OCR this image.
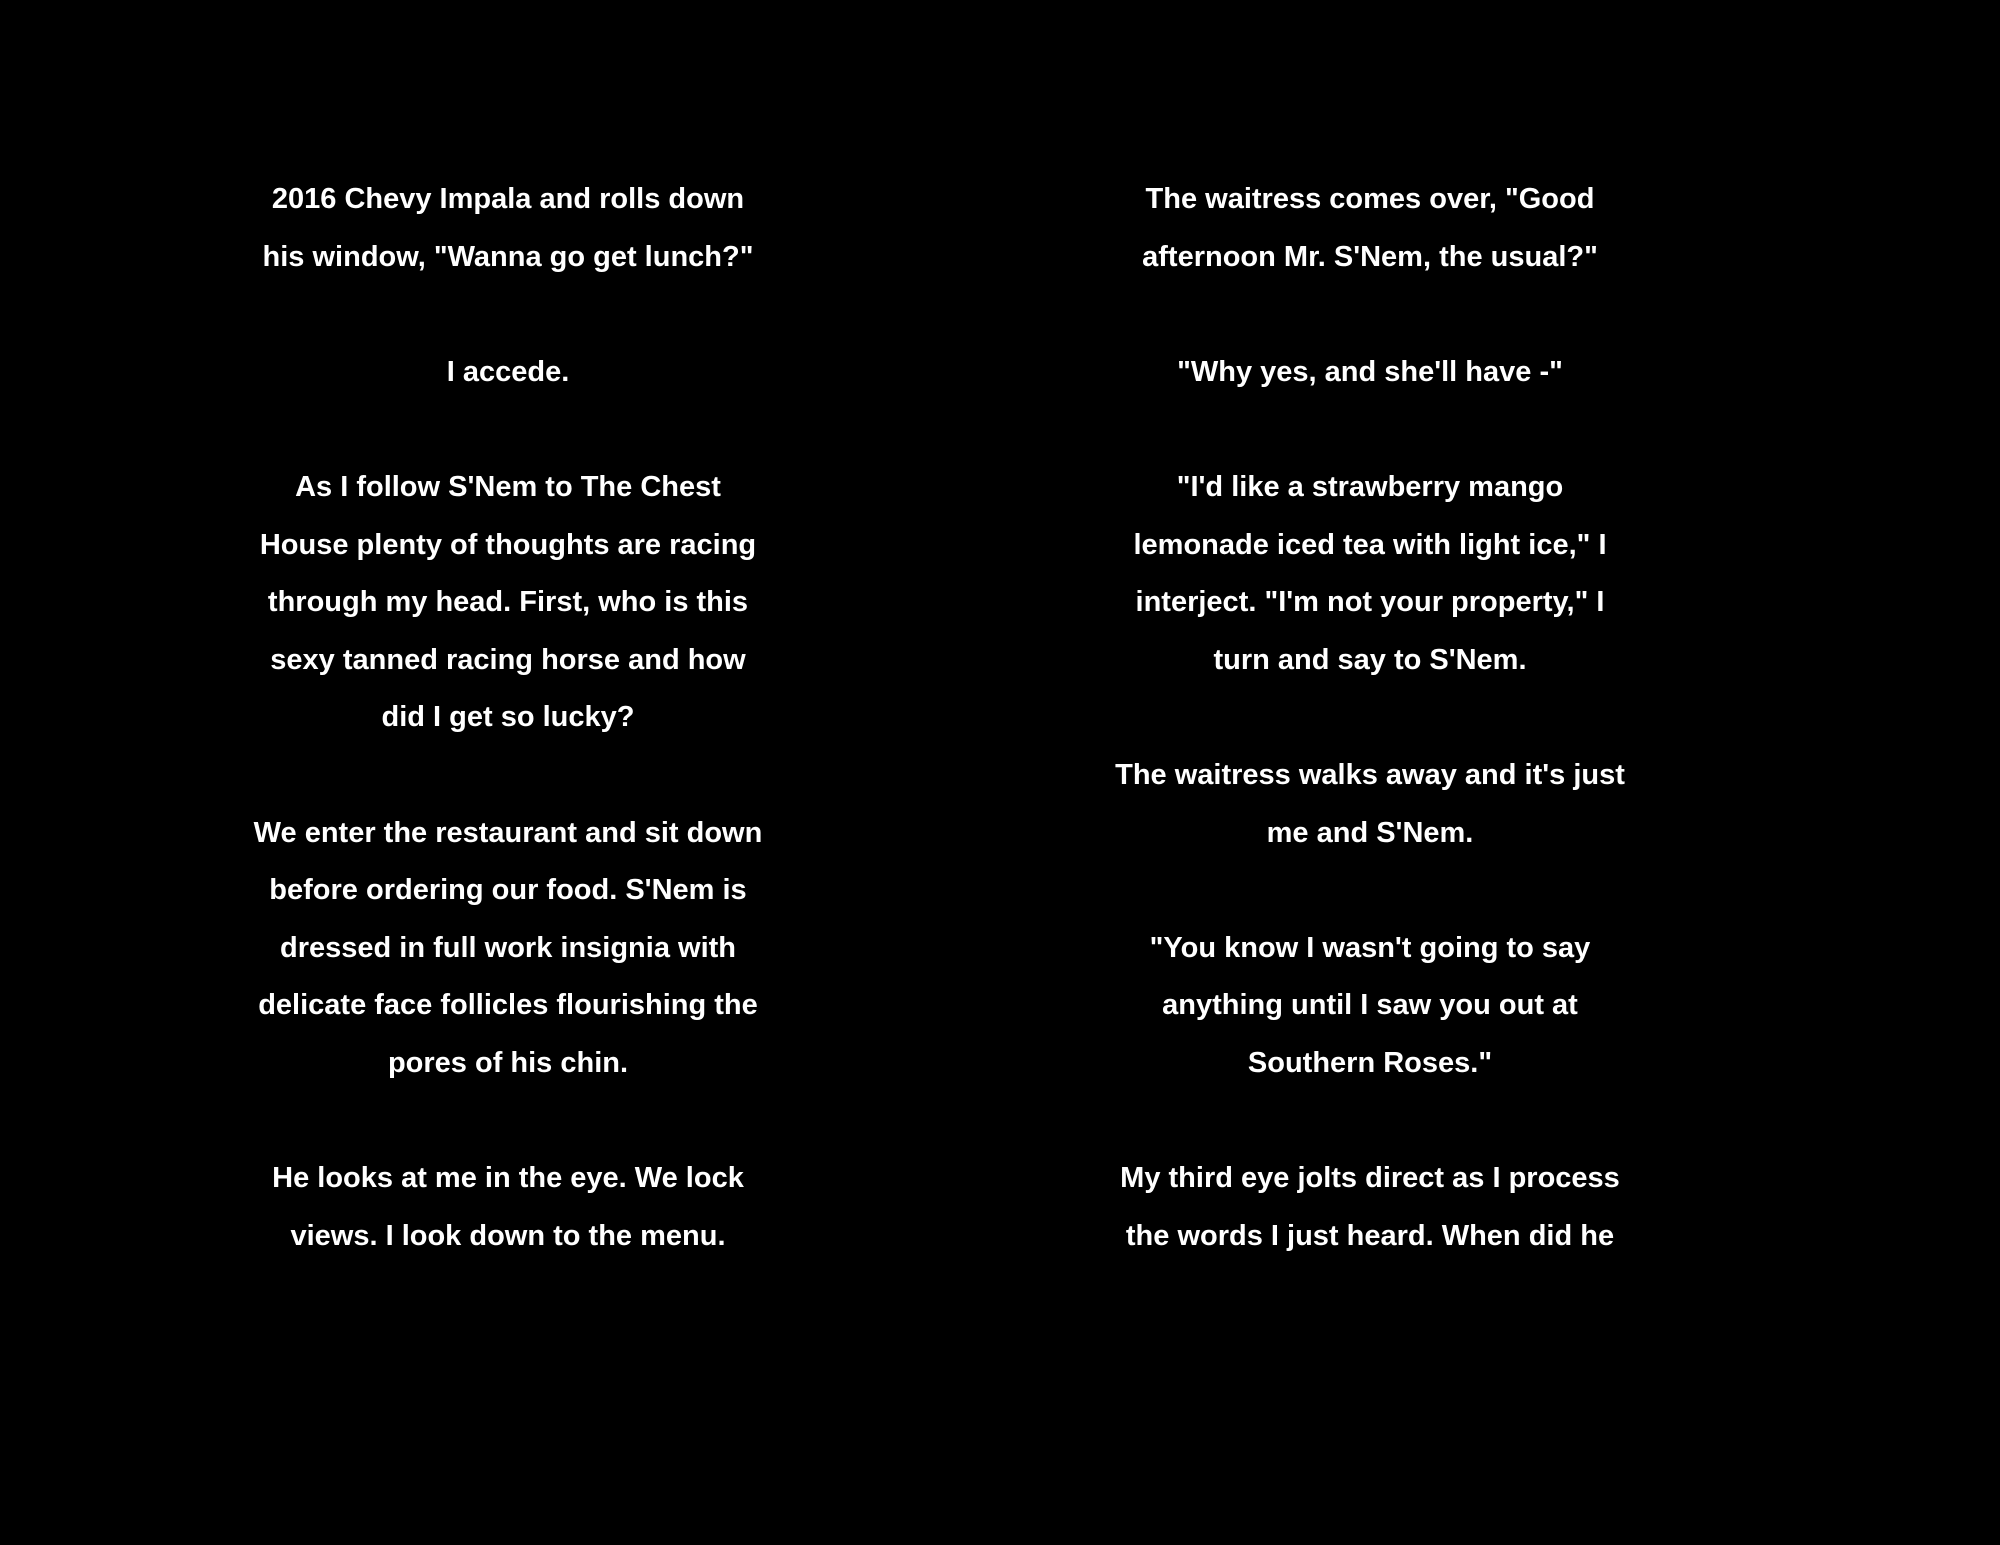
2016 Chevy Impala and rolls down
his window, "Wanna go get lunch?"
I accede.
As I follow S'Nem to The Chest
House plenty of thoughts are racing
through my head. First, who is this
sexy tanned racing horse and how
did I get so lucky?
We enter the restaurant and sit down
before ordering our food. S'Nem is
dressed in full work insignia with
delicate face follicles flourishing the
pores of his chin.
He looks at me in the eye. We lock
views. I look down to the menu.
The waitress comes over, "Good
afternoon Mr. S'Nem, the usual?"
"Why yes, and she'll have -"
"I'd like a strawberry mango
lemonade iced tea with light ice," I
interject. "I'm not your property," I
turn and say to S'Nem.
The waitress walks away and it's just
me and S'Nem.
"You know I wasn't going to say
anything until I saw you out at
Southern Roses."
My third eye jolts direct as I process
the words I just heard. When did he
